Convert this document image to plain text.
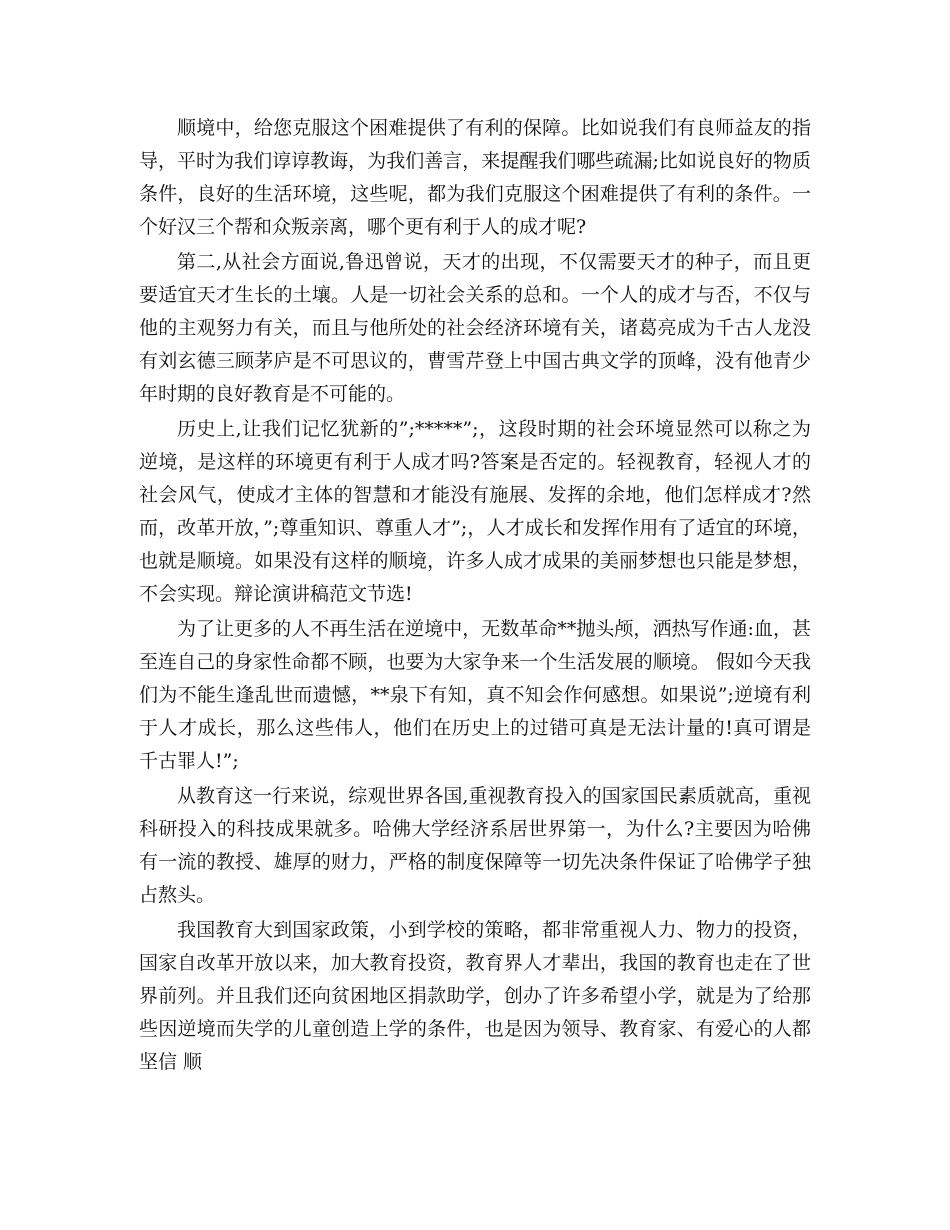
顺境中，给您克服这个困难提供了有利的保障。比如说我们有良师益友的指导，平时为我们谆谆教诲，为我们善言，来提醒我们哪些疏漏;比如说良好的物质条件，良好的生活环境，这些呢，都为我们克服这个困难提供了有利的条件。一个好汉三个帮和众叛亲离，哪个更有利于人的成才呢?

第二,从社会方面说,鲁迅曾说，天才的出现，不仅需要天才的种子，而且更要适宜天才生长的土壤。人是一切社会关系的总和。一个人的成才与否，不仅与他的主观努力有关，而且与他所处的社会经济环境有关，诸葛亮成为千古人龙没有刘玄德三顾茅庐是不可思议的，曹雪芹登上中国古典文学的顶峰，没有他青少年时期的良好教育是不可能的。

历史上,让我们记忆犹新的”;*****”;，这段时期的社会环境显然可以称之为逆境，是这样的环境更有利于人成才吗?答案是否定的。轻视教育，轻视人才的社会风气，使成才主体的智慧和才能没有施展、发挥的余地，他们怎样成才?然而，改革开放，”;尊重知识、尊重人才”;，人才成长和发挥作用有了适宜的环境，也就是顺境。如果没有这样的顺境，许多人成才成果的美丽梦想也只能是梦想，不会实现。辩论演讲稿范文节选!

为了让更多的人不再生活在逆境中，无数革命**抛头颅，洒热写作通:血，甚至连自己的身家性命都不顾，也要为大家争来一个生活发展的顺境。 假如今天我们为不能生逢乱世而遗憾，**泉下有知，真不知会作何感想。如果说”;逆境有利于人才成长，那么这些伟人，他们在历史上的过错可真是无法计量的!真可谓是千古罪人!”;

从教育这一行来说，综观世界各国,重视教育投入的国家国民素质就高，重视科研投入的科技成果就多。哈佛大学经济系居世界第一，为什么?主要因为哈佛有一流的教授、雄厚的财力，严格的制度保障等一切先决条件保证了哈佛学子独占熬头。

我国教育大到国家政策，小到学校的策略，都非常重视人力、物力的投资，国家自改革开放以来，加大教育投资，教育界人才辈出，我国的教育也走在了世界前列。并且我们还向贫困地区捐款助学，创办了许多希望小学，就是为了给那些因逆境而失学的儿童创造上学的条件，也是因为领导、教育家、有爱心的人都坚信 顺
